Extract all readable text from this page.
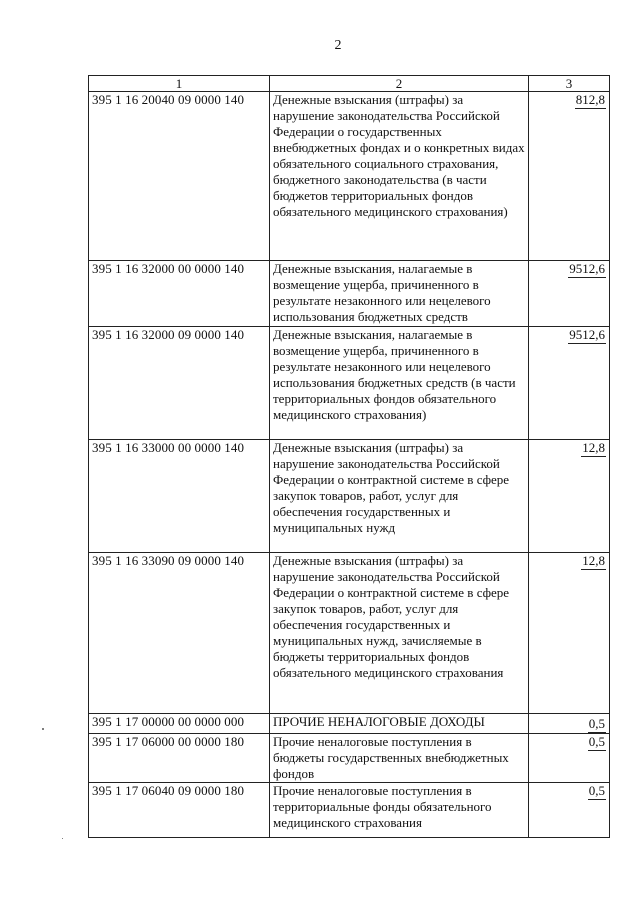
2
1	2	3
395 1 16 20040 09 0000 140	Денежные взыскания (штрафы) за нарушение законодательства Российской Федерации о государственных внебюджетных фондах и о конкретных видах обязательного социального страхования, бюджетного законодательства (в части бюджетов территориальных фондов обязательного медицинского страхования)	812,8
395 1 16 32000 00 0000 140	Денежные взыскания, налагаемые в возмещение ущерба, причиненного в результате незаконного или нецелевого использования бюджетных средств	9512,6
395 1 16 32000 09 0000 140	Денежные взыскания, налагаемые в возмещение ущерба, причиненного в результате незаконного или нецелевого использования бюджетных средств (в части территориальных фондов обязательного медицинского страхования)	9512,6
395 1 16 33000 00 0000 140	Денежные взыскания (штрафы) за нарушение законодательства Российской Федерации о контрактной системе в сфере закупок товаров, работ, услуг для обеспечения государственных и муниципальных нужд	12,8
395 1 16 33090 09 0000 140	Денежные взыскания (штрафы) за нарушение законодательства Российской Федерации о контрактной системе в сфере закупок товаров, работ, услуг для обеспечения государственных и муниципальных нужд, зачисляемые в бюджеты территориальных фондов обязательного медицинского страхования	12,8
395 1 17 00000 00 0000 000	ПРОЧИЕ НЕНАЛОГОВЫЕ ДОХОДЫ	0,5
395 1 17 06000 00 0000 180	Прочие неналоговые поступления в бюджеты государственных внебюджетных фондов	0,5
395 1 17 06040 09 0000 180	Прочие неналоговые поступления в территориальные фонды обязательного медицинского страхования	0,5
